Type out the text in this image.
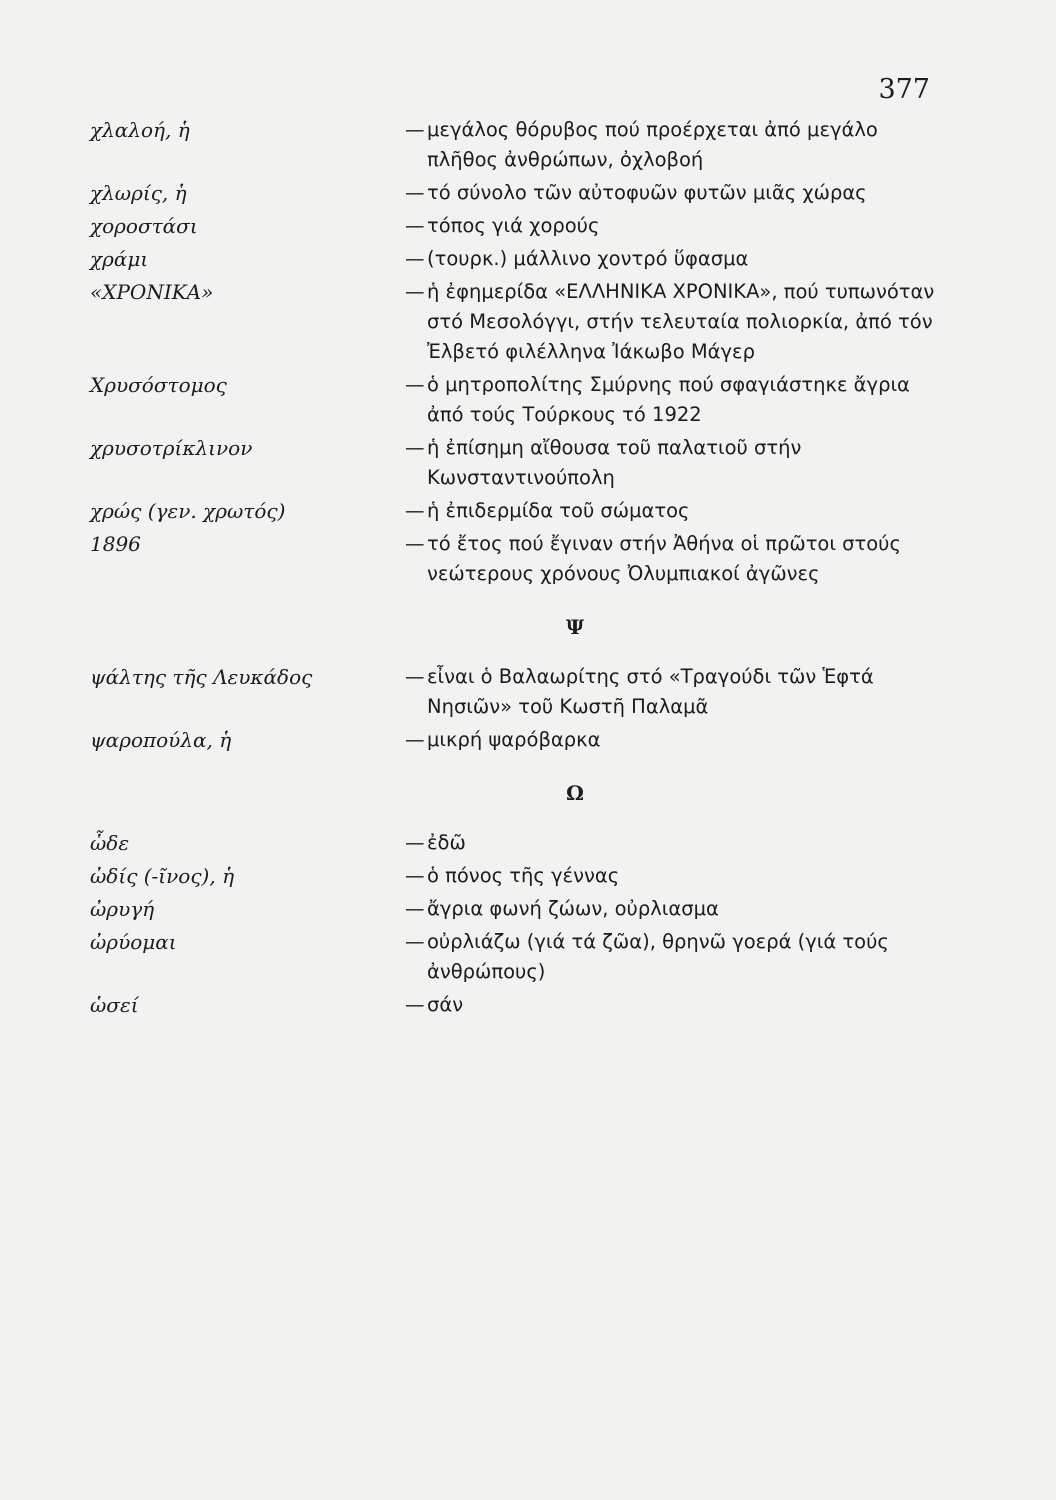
377
χλαλοή, ἡ	— μεγάλος θόρυβος πού προέρχεται ἀπό μεγάλο πλῆθος ἀνθρώπων, ὀχλοβοή
χλωρίς, ἡ	— τό σύνολο τῶν αὐτοφυῶν φυτῶν μιᾶς χώρας
χοροστάσι	— τόπος γιά χορούς
χράμι	— (τουρκ.) μάλλινο χοντρό ὕφασμα
«ΧΡΟΝΙΚΑ»	— ἡ ἐφημερίδα «ΕΛΛΗΝΙΚΑ ΧΡΟΝΙΚΑ», πού τυπωνόταν στό Μεσολόγγι, στήν τελευταία πολιορκία, ἀπό τόν Ἐλβετό φιλέλληνα Ἰάκωβο Μάγερ
Χρυσόστομος	— ὁ μητροπολίτης Σμύρνης πού σφαγιάστηκε ἄγρια ἀπό τούς Τούρκους τό 1922
χρυσοτρίκλινον	— ἡ ἐπίσημη αἴθουσα τοῦ παλατιοῦ στήν Κωνσταντινούπολη
χρώς (γεν. χρωτός)	— ἡ ἐπιδερμίδα τοῦ σώματος
1896	— τό ἔτος πού ἔγιναν στήν Ἀθήνα οἱ πρῶτοι στούς νεώτερους χρόνους Ὀλυμπιακοί ἀγῶνες
Ψ
ψάλτης τῆς Λευκάδος	— εἶναι ὁ Βαλαωρίτης στό «Τραγούδι τῶν Ἑφτά Νησιῶν» τοῦ Κωστῆ Παλαμᾶ
ψαροπούλα, ἡ	— μικρή ψαρόβαρκα
Ω
ὧδε	— ἐδῶ
ὠδίς (-ῖνος), ἡ	— ὁ πόνος τῆς γέννας
ὠρυγή	— ἄγρια φωνή ζώων, οὐρλιασμα
ὠρύομαι	— οὐρλιάζω (γιά τά ζῶα), θρηνῶ γοερά (γιά τούς ἀνθρώπους)
ὡσεί	— σάν
